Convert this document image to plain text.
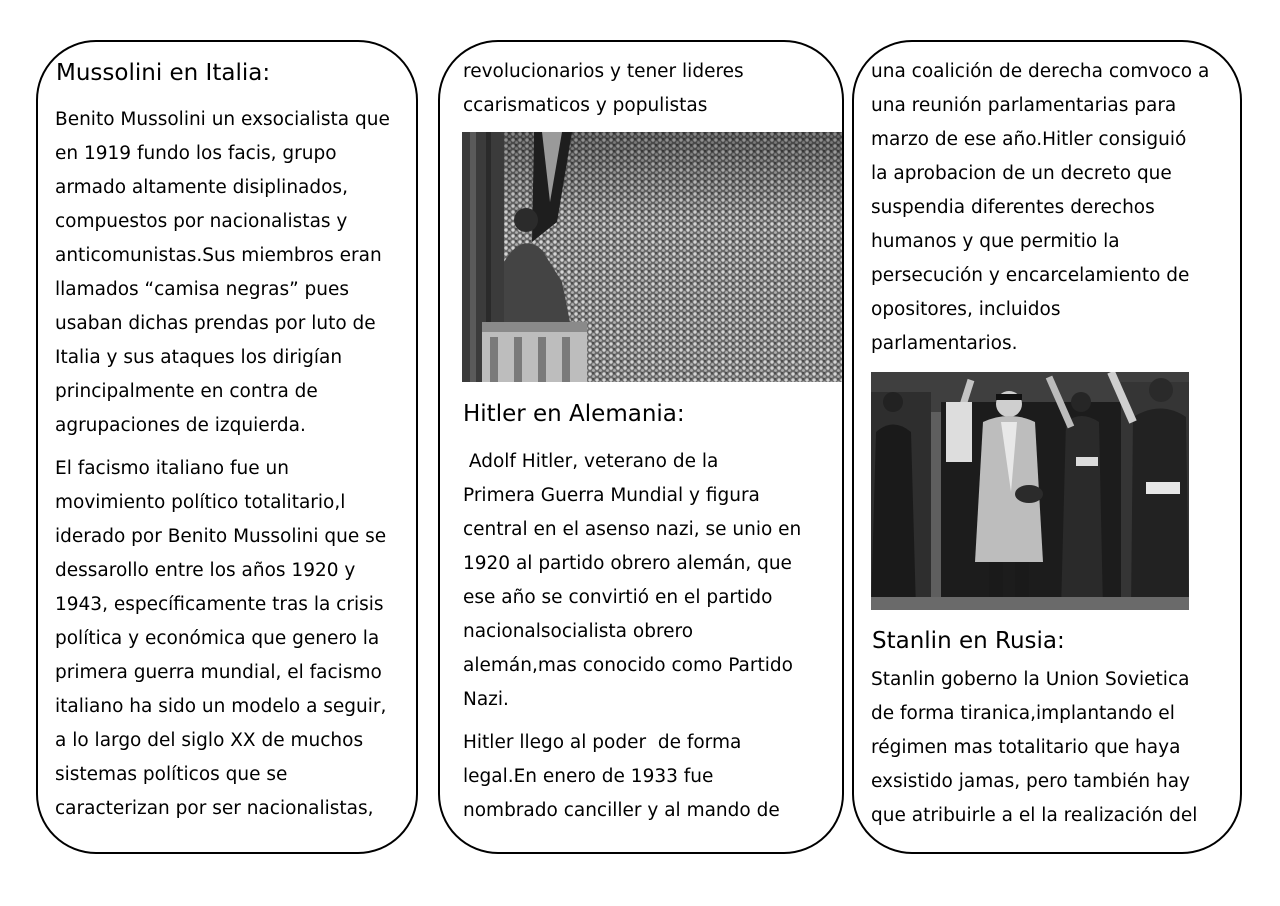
Mussolini en Italia:
Benito Mussolini un exsocialista que
en 1919 fundo los facis, grupo
armado altamente disiplinados,
compuestos por nacionalistas y
anticomunistas.Sus miembros eran
llamados “camisa negras” pues
usaban dichas prendas por luto de
Italia y sus ataques los dirigían
principalmente en contra de
agrupaciones de izquierda.
El facismo italiano fue un
movimiento político totalitario,l
iderado por Benito Mussolini que se
dessarollo entre los años 1920 y
1943, específicamente tras la crisis
política y económica que genero la
primera guerra mundial, el facismo
italiano ha sido un modelo a seguir,
a lo largo del siglo XX de muchos
sistemas políticos que se
caracterizan por ser nacionalistas,
revolucionarios y tener lideres
ccarismaticos y populistas
Hitler en Alemania:
Adolf Hitler, veterano de la
Primera Guerra Mundial y figura
central en el asenso nazi, se unio en
1920 al partido obrero alemán, que
ese año se convirtió en el partido
nacionalsocialista obrero
alemán,mas conocido como Partido
Nazi.
Hitler llego al poder  de forma
legal.En enero de 1933 fue
nombrado canciller y al mando de
una coalición de derecha comvoco a
una reunión parlamentarias para
marzo de ese año.Hitler consiguió
la aprobacion de un decreto que
suspendia diferentes derechos
humanos y que permitio la
persecución y encarcelamiento de
opositores, incluidos
parlamentarios.
Stanlin en Rusia:
Stanlin goberno la Union Sovietica
de forma tiranica,implantando el
régimen mas totalitario que haya
exsistido jamas, pero también hay
que atribuirle a el la realización del
